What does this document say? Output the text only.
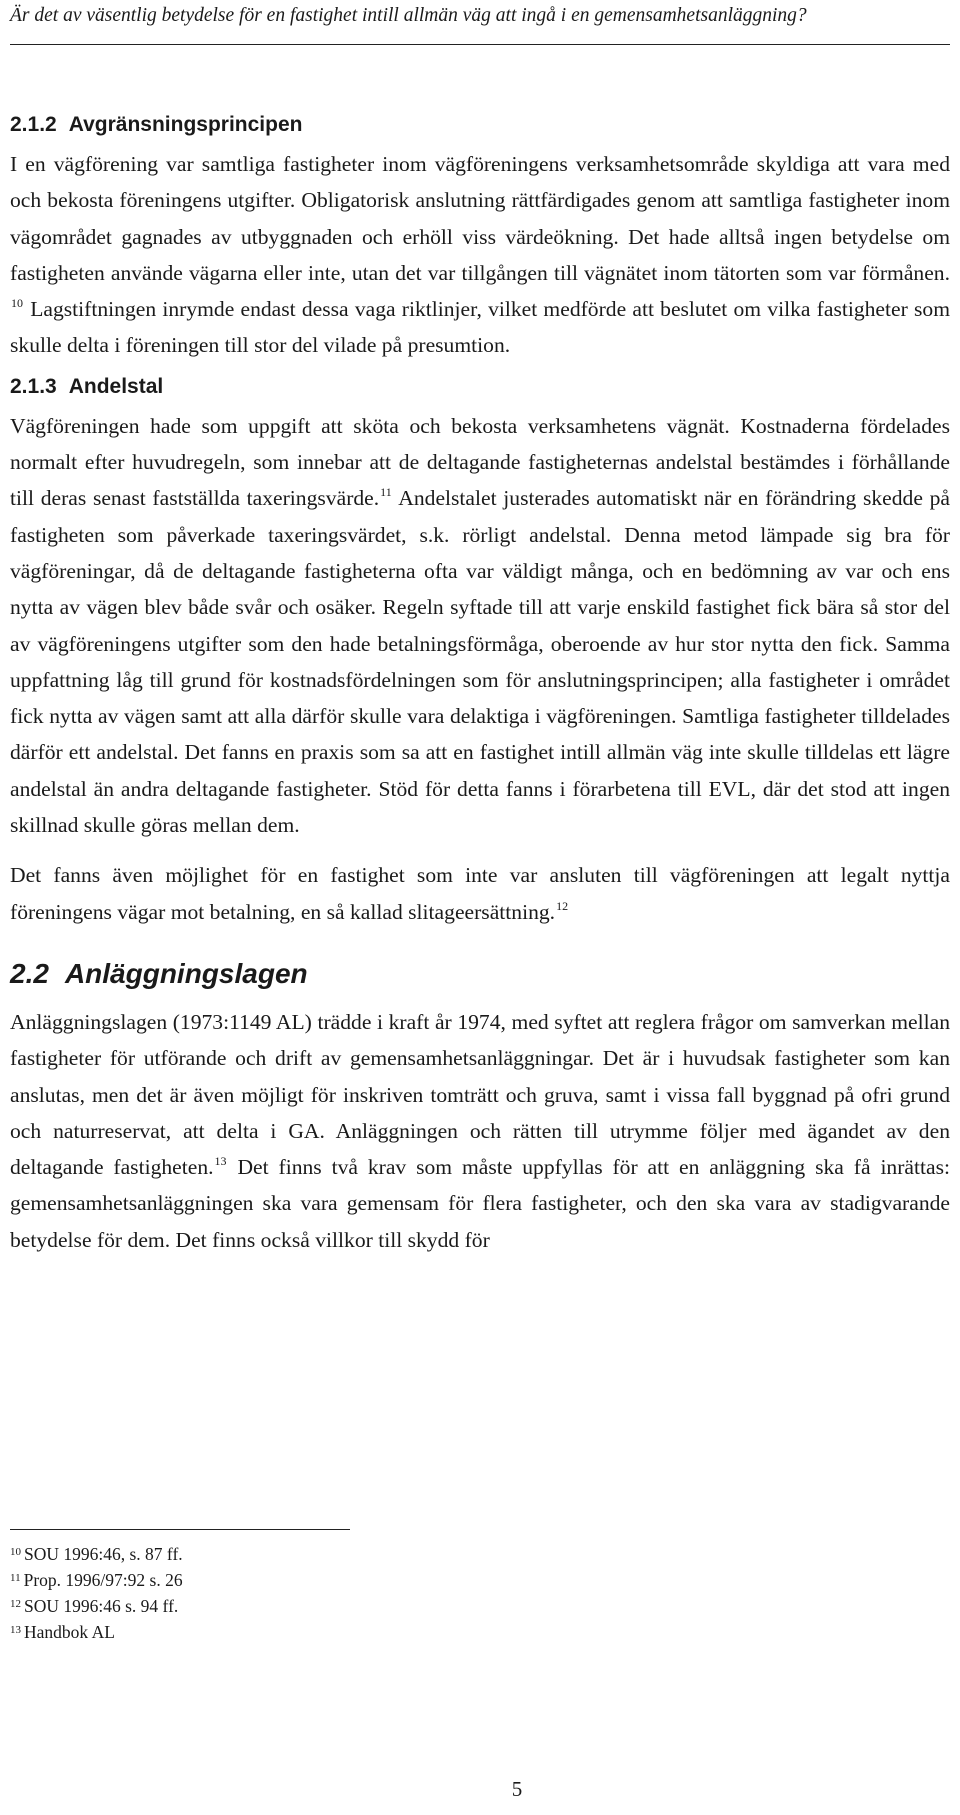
Är det av väsentlig betydelse för en fastighet intill allmän väg att ingå i en gemensamhetsanläggning?
2.1.2 Avgränsningsprincipen

I en vägförening var samtliga fastigheter inom vägföreningens verksamhetsområde skyldiga att vara med och bekosta föreningens utgifter. Obligatorisk anslutning rättfärdigades genom att samtliga fastigheter inom vägområdet gagnades av utbyggnaden och erhöll viss värdeökning. Det hade alltså ingen betydelse om fastigheten använde vägarna eller inte, utan det var tillgången till vägnätet inom tätorten som var förmånen. $^{10}$ Lagstiftningen inrymde endast dessa vaga riktlinjer, vilket medförde att beslutet om vilka fastigheter som skulle delta i föreningen till stor del vilade på presumtion.

2.1.3 Andelstal

Vägföreningen hade som uppgift att sköta och bekosta verksamhetens vägnät. Kostnaderna fördelades normalt efter huvudregeln, som innebar att de deltagande fastigheternas andelstal bestämdes i förhållande till deras senast fastställda taxeringsvärde.$^{11}$ Andelstalet justerades automatiskt när en förändring skedde på fastigheten som påverkade taxeringsvärdet, s.k. rörligt andelstal. Denna metod lämpade sig bra för vägföreningar, då de deltagande fastigheterna ofta var väldigt många, och en bedömning av var och ens nytta av vägen blev både svår och osäker. Regeln syftade till att varje enskild fastighet fick bära så stor del av vägföreningens utgifter som den hade betalningsförmåga, oberoende av hur stor nytta den fick. Samma uppfattning låg till grund för kostnadsfördelningen som för anslutningsprincipen; alla fastigheter i området fick nytta av vägen samt att alla därför skulle vara delaktiga i vägföreningen. Samtliga fastigheter tilldelades därför ett andelstal. Det fanns en praxis som sa att en fastighet intill allmän väg inte skulle tilldelas ett lägre andelstal än andra deltagande fastigheter. Stöd för detta fanns i förarbetena till EVL, där det stod att ingen skillnad skulle göras mellan dem.

Det fanns även möjlighet för en fastighet som inte var ansluten till vägföreningen att legalt nyttja föreningens vägar mot betalning, en så kallad slitageersättning.$^{12}$

2.2 Anläggningslagen

Anläggningslagen (1973:1149 AL) trädde i kraft år 1974, med syftet att reglera frågor om samverkan mellan fastigheter för utförande och drift av gemensamhetsanläggningar. Det är i huvudsak fastigheter som kan anslutas, men det är även möjligt för inskriven tomträtt och gruva, samt i vissa fall byggnad på ofri grund och naturreservat, att delta i GA. Anläggningen och rätten till utrymme följer med ägandet av den deltagande fastigheten.$^{13}$ Det finns två krav som måste uppfyllas för att en anläggning ska få inrättas: gemensamhetsanläggningen ska vara gemensam för flera fastigheter, och den ska vara av stadigvarande betydelse för dem. Det finns också villkor till skydd för

$^{10}$ SOU 1996:46, s. 87 ff.
$^{11}$ Prop. 1996/97:92 s. 26
$^{12}$ SOU 1996:46 s. 94 ff.
$^{13}$ Handbok AL
5
